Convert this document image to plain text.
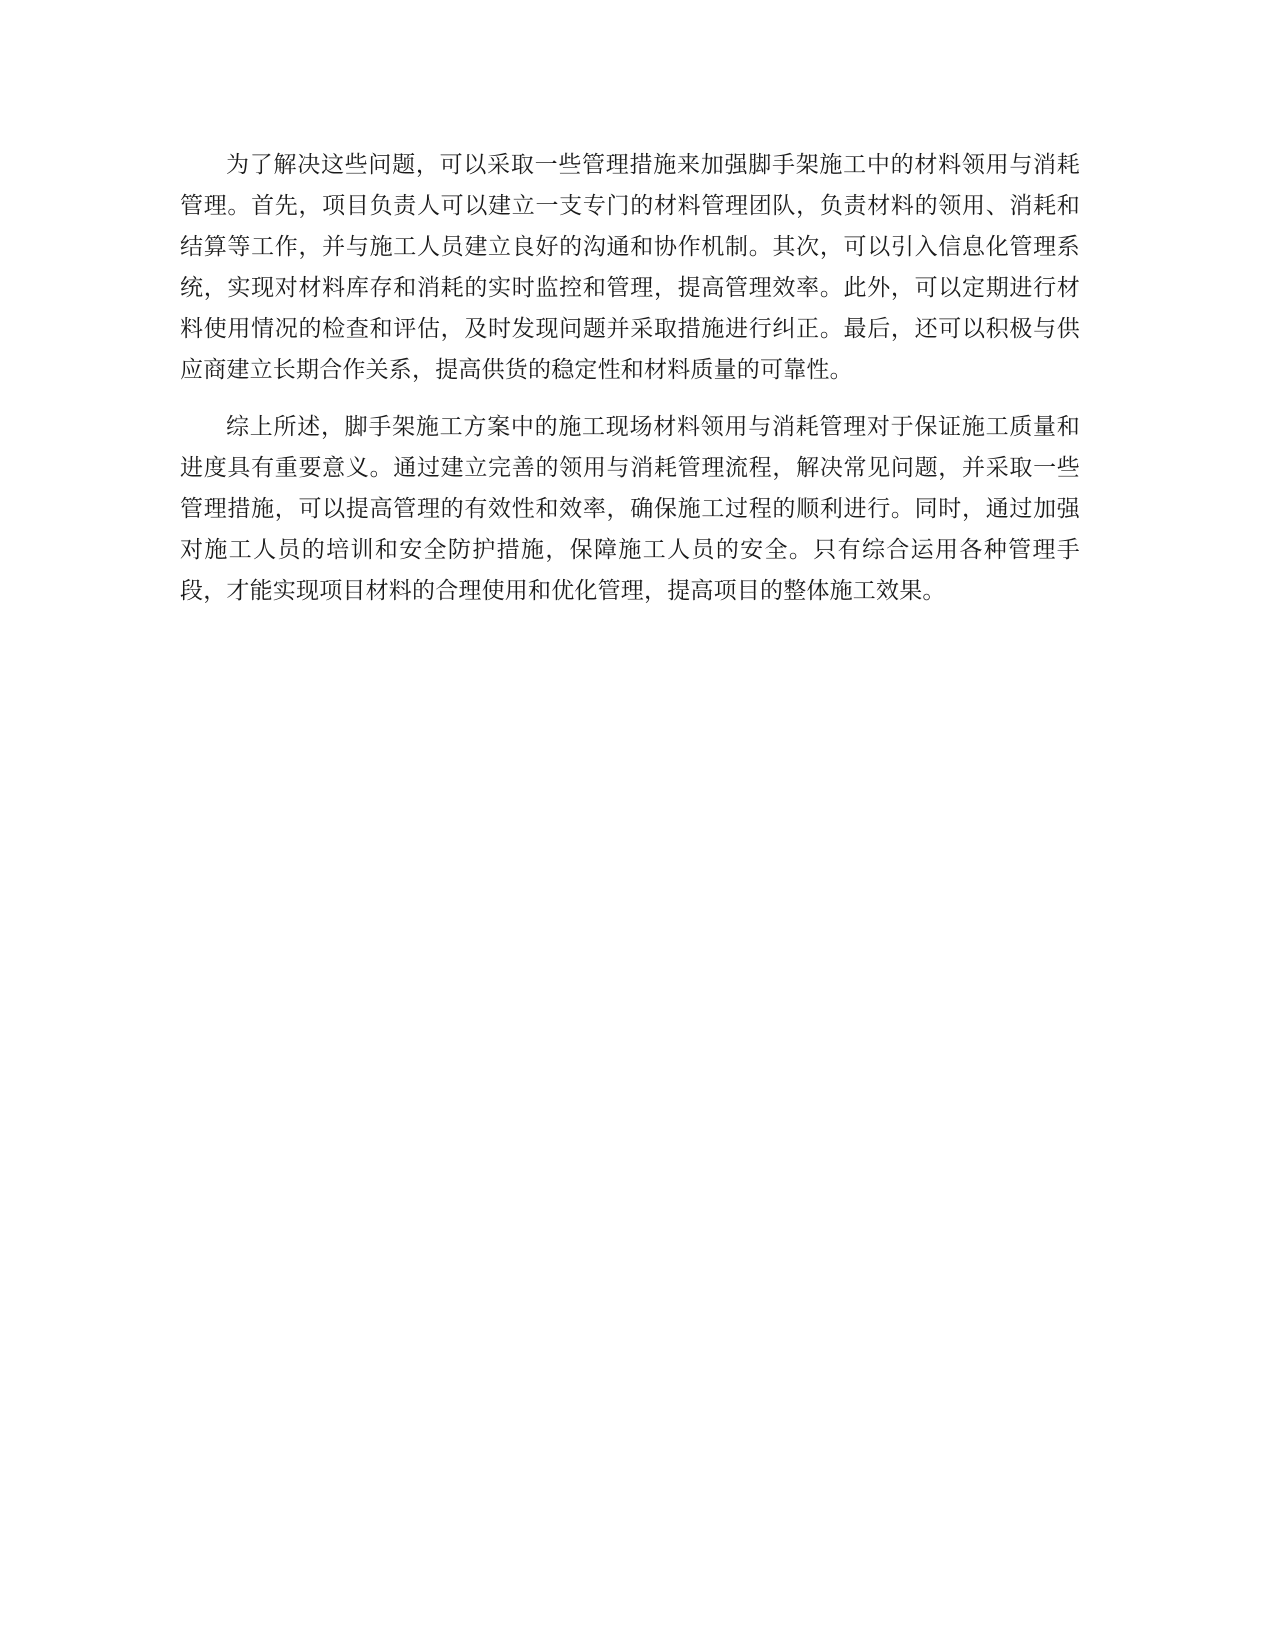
为了解决这些问题，可以采取一些管理措施来加强脚手架施工中的材料领用与消耗管理。首先，项目负责人可以建立一支专门的材料管理团队，负责材料的领用、消耗和结算等工作，并与施工人员建立良好的沟通和协作机制。其次，可以引入信息化管理系统，实现对材料库存和消耗的实时监控和管理，提高管理效率。此外，可以定期进行材料使用情况的检查和评估，及时发现问题并采取措施进行纠正。最后，还可以积极与供应商建立长期合作关系，提高供货的稳定性和材料质量的可靠性。

综上所述，脚手架施工方案中的施工现场材料领用与消耗管理对于保证施工质量和进度具有重要意义。通过建立完善的领用与消耗管理流程，解决常见问题，并采取一些管理措施，可以提高管理的有效性和效率，确保施工过程的顺利进行。同时，通过加强对施工人员的培训和安全防护措施，保障施工人员的安全。只有综合运用各种管理手段，才能实现项目材料的合理使用和优化管理，提高项目的整体施工效果。
